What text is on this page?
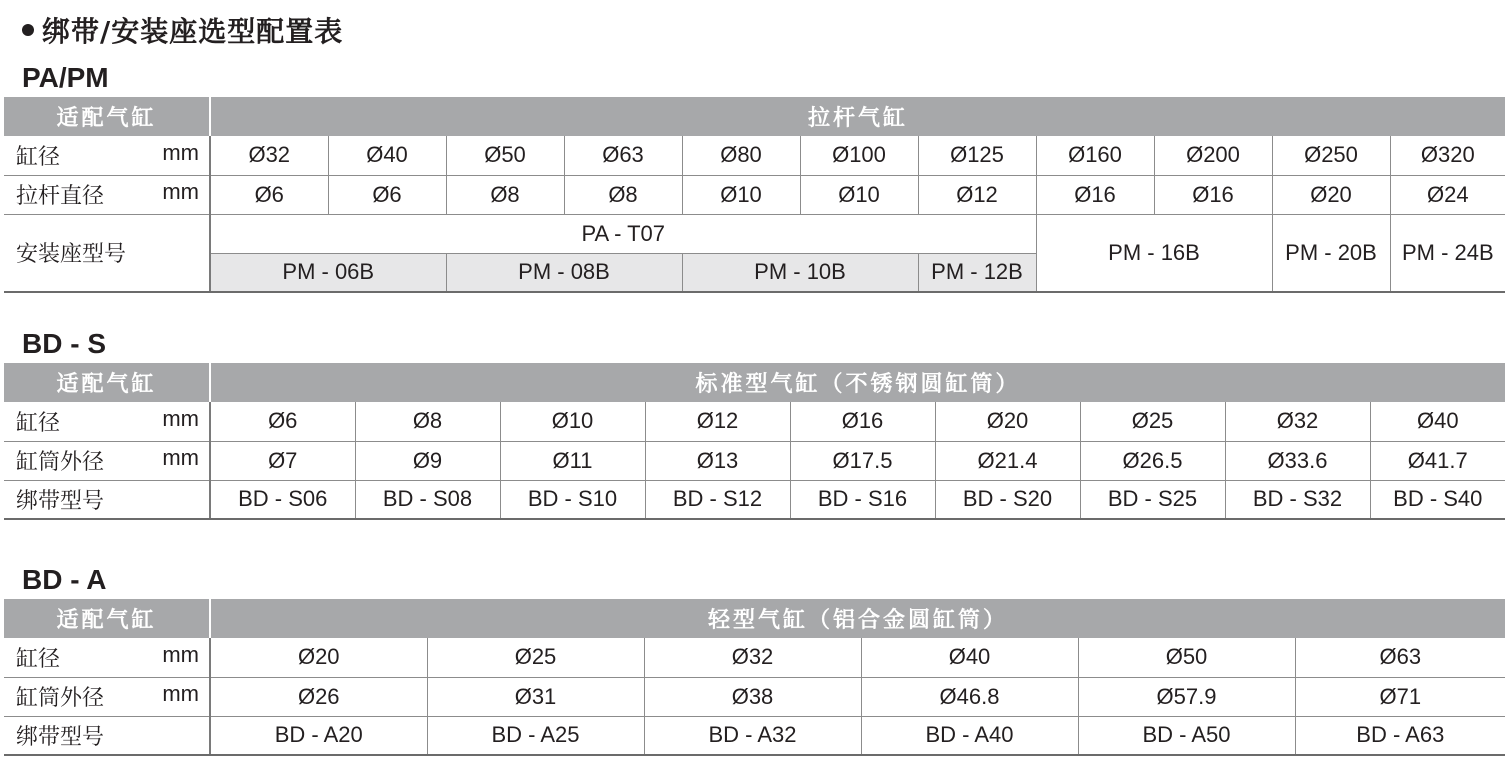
绑带/安装座选型配置表
PA/PM
适配气缸	拉杆气缸										
缸径 mm	Ø32	Ø40	Ø50	Ø63	Ø80	Ø100	Ø125	Ø160	Ø200	Ø250	Ø320
拉杆直径 mm	Ø6	Ø6	Ø8	Ø8	Ø10	Ø10	Ø12	Ø16	Ø16	Ø20	Ø24
安装座型号	PA - T07							PM - 16B		PM - 20B	PM - 24B
	PM - 06B		PM - 08B		PM - 10B		PM - 12B				
BD - S
适配气缸	标准型气缸（不锈钢圆缸筒）								
缸径 mm	Ø6	Ø8	Ø10	Ø12	Ø16	Ø20	Ø25	Ø32	Ø40
缸筒外径 mm	Ø7	Ø9	Ø11	Ø13	Ø17.5	Ø21.4	Ø26.5	Ø33.6	Ø41.7
绑带型号	BD - S06	BD - S08	BD - S10	BD - S12	BD - S16	BD - S20	BD - S25	BD - S32	BD - S40
BD - A
适配气缸	轻型气缸（铝合金圆缸筒）					
缸径 mm	Ø20	Ø25	Ø32	Ø40	Ø50	Ø63
缸筒外径 mm	Ø26	Ø31	Ø38	Ø46.8	Ø57.9	Ø71
绑带型号	BD - A20	BD - A25	BD - A32	BD - A40	BD - A50	BD - A63
